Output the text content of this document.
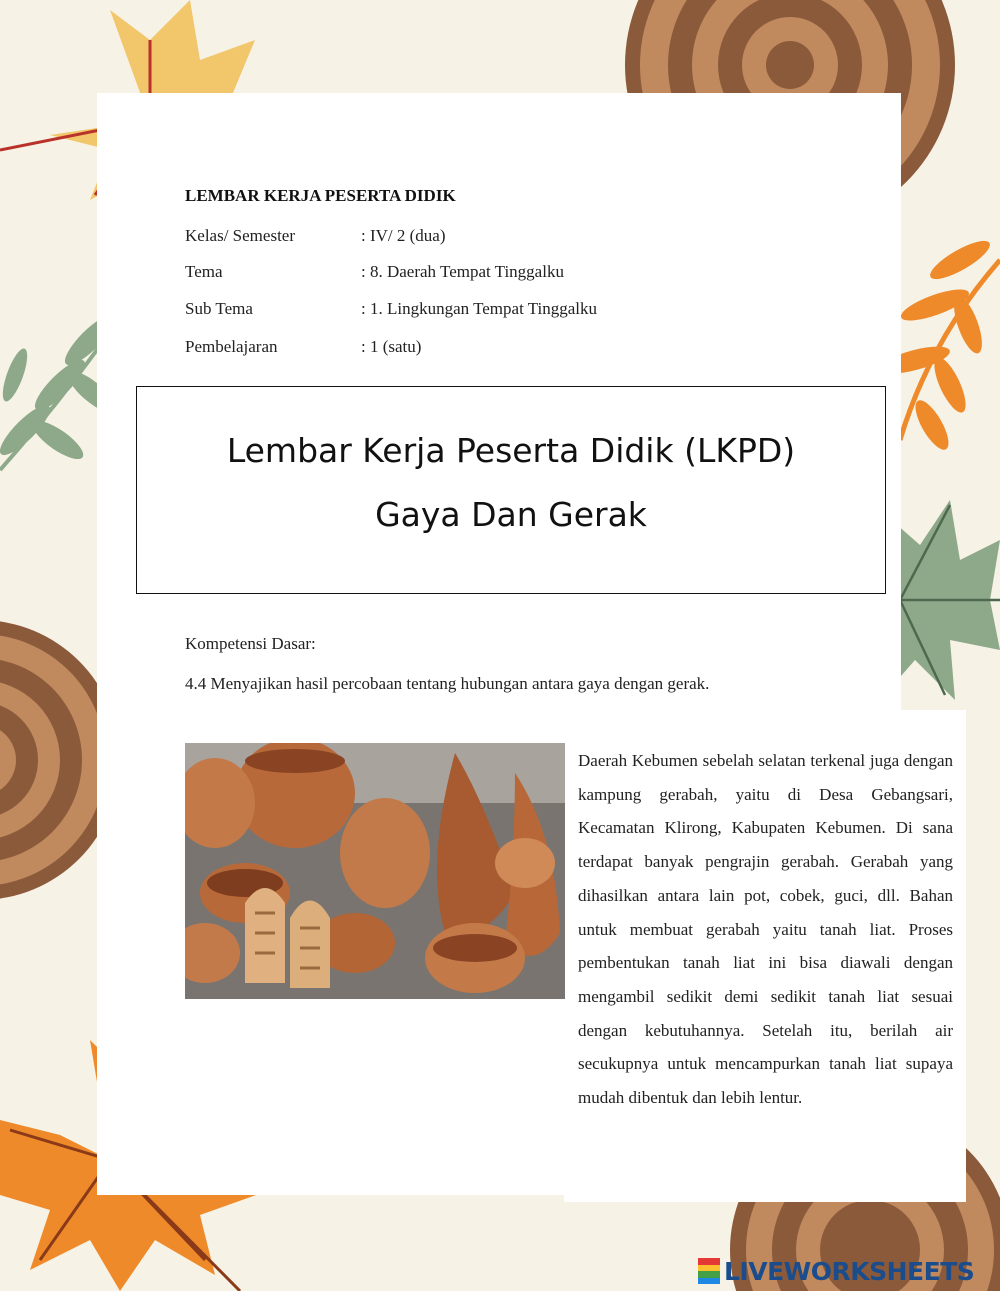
LEMBAR KERJA PESERTA DIDIK
Kelas/ Semester	: IV/ 2 (dua)
Tema	: 8. Daerah Tempat Tinggalku
Sub Tema	: 1. Lingkungan Tempat Tinggalku
Pembelajaran	: 1 (satu)
Lembar Kerja Peserta Didik (LKPD)
Gaya Dan Gerak
Kompetensi Dasar:
4.4 Menyajikan hasil percobaan tentang hubungan antara gaya dengan gerak.

Daerah Kebumen sebelah selatan terkenal juga dengan kampung gerabah, yaitu di Desa Gebangsari, Kecamatan Klirong, Kabupaten Kebumen. Di sana terdapat banyak pengrajin gerabah. Gerabah yang dihasilkan antara lain pot, cobek, guci, dll. Bahan untuk membuat gerabah yaitu tanah liat. Proses pembentukan tanah liat ini bisa diawali dengan mengambil sedikit demi sedikit tanah liat sesuai dengan kebutuhannya. Setelah itu, berilah air secukupnya untuk mencampurkan tanah liat supaya mudah dibentuk dan lebih lentur.

LIVEWORKSHEETS
